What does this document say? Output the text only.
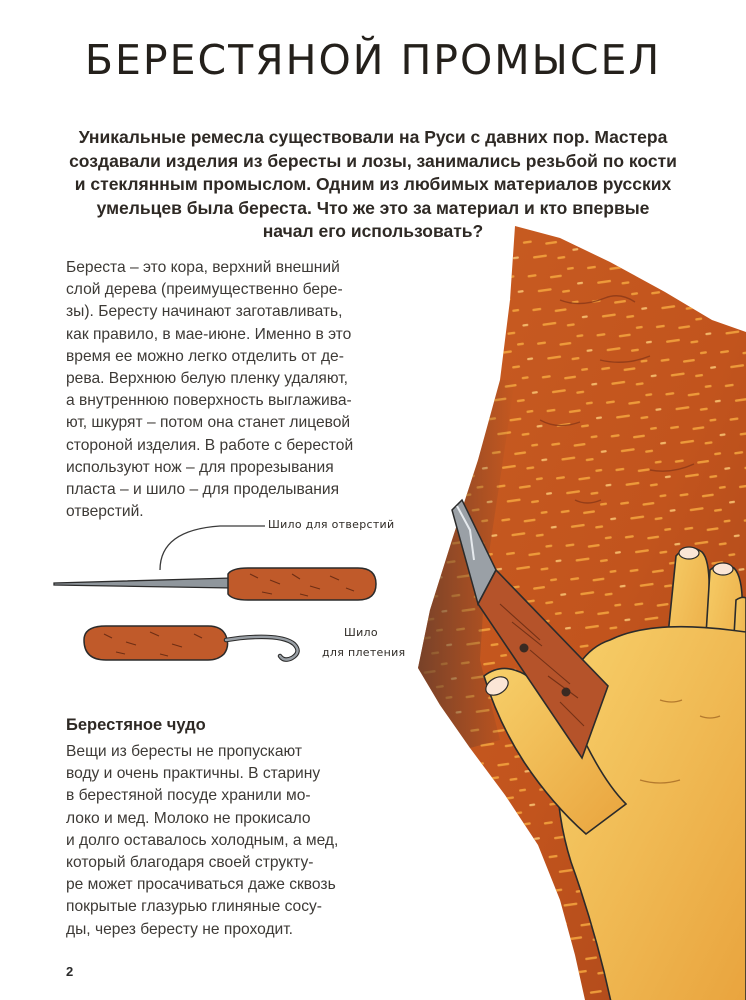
БЕРЕСТЯНОЙ ПРОМЫСЕЛ

Уникальные ремесла существовали на Руси с давних пор. Мастера
создавали изделия из бересты и лозы, занимались резьбой по кости
и стеклянным промыслом. Одним из любимых материалов русских
умельцев была береста. Что же это за материал и кто впервые
начал его использовать?

Береста – это кора, верхний внешний
слой дерева (преимущественно бере-
зы). Бересту начинают заготавливать,
как правило, в мае-июне. Именно в это
время ее можно легко отделить от де-
рева. Верхнюю белую пленку удаляют,
а внутреннюю поверхность выглажива-
ют, шкурят – потом она станет лицевой
стороной изделия. В работе с берестой
используют нож – для прорезывания
пласта – и шило – для проделывания
отверстий.

Шило для отверстий
Шило
для плетения
Берестяное чудо

Вещи из бересты не пропускают
воду и очень практичны. В старину
в берестяной посуде хранили мо-
локо и мед. Молоко не прокисало
и долго оставалось холодным, а мед,
который благодаря своей структу-
ре может просачиваться даже сквозь
покрытые глазурью глиняные сосу-
ды, через бересту не проходит.

2
